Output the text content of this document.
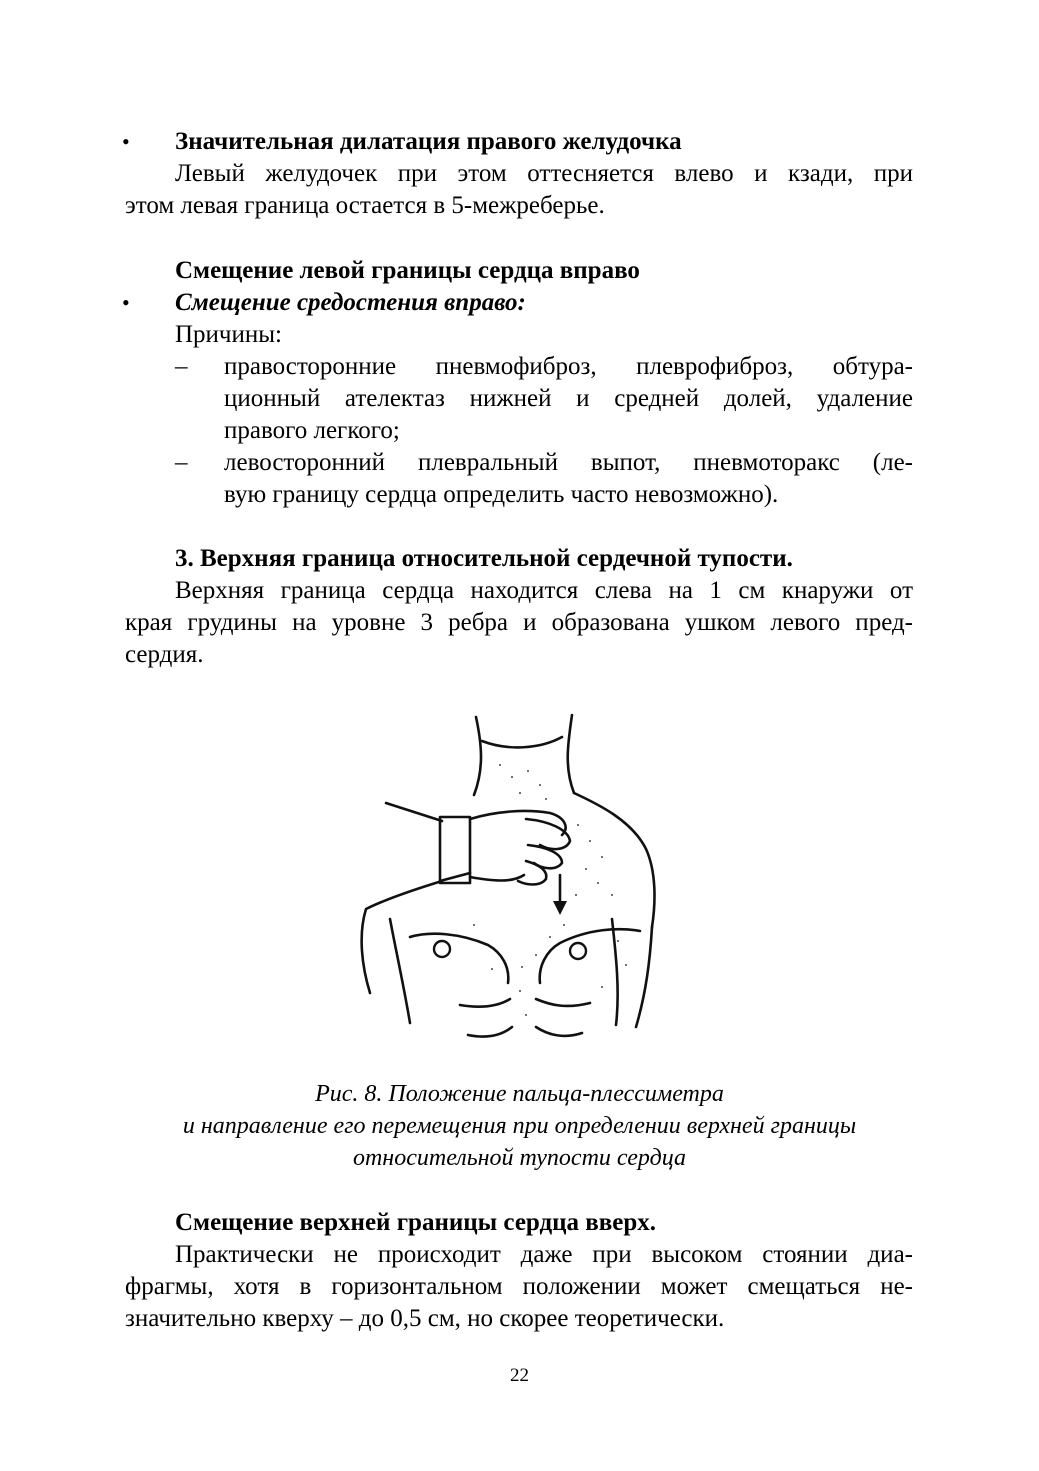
• Значительная дилатация правого желудочка
Левый желудочек при этом оттесняется влево и кзади, при
этом левая граница остается в 5-межреберье.
Смещение левой границы сердца вправо
• Смещение средостения вправо:
Причины:
– правосторонние пневмофиброз, плеврофиброз, обтура-
ционный ателектаз нижней и средней долей, удаление
правого легкого;
– левосторонний плевральный выпот, пневмоторакс (ле-
вую границу сердца определить часто невозможно).
3. Верхняя граница относительной сердечной тупости.
Верхняя граница сердца находится слева на 1 см кнаружи от
края грудины на уровне 3 ребра и образована ушком левого пред-
сердия.
Рис. 8. Положение пальца-плессиметра
и направление его перемещения при определении верхней границы
относительной тупости сердца
Смещение верхней границы сердца вверх.
Практически не происходит даже при высоком стоянии диа-
фрагмы, хотя в горизонтальном положении может смещаться не-
значительно кверху – до 0,5 см, но скорее теоретически.
22
